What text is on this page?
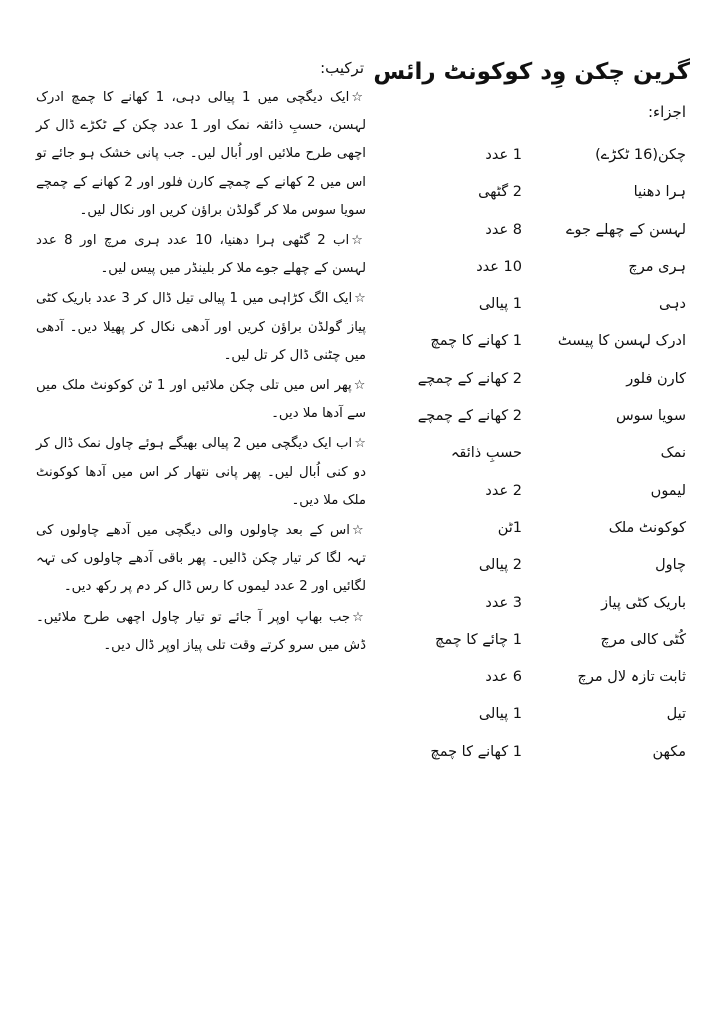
گرین چکن وِد کوکونٹ رائس
اجزاء:
چکن(16 ٹکڑے)
1 عدد
ہرا دھنیا
2 گٹھی
لہسن کے چھلے جوے
8 عدد
ہری مرچ
10 عدد
دہی
1 پیالی
ادرک لہسن کا پیسٹ
1 کھانے کا چمچ
کارن فلور
2 کھانے کے چمچے
سویا سوس
2 کھانے کے چمچے
نمک
حسبِ ذائقہ
لیموں
2 عدد
کوکونٹ ملک
1ٹن
چاول
2 پیالی
باریک کٹی پیاز
3 عدد
کُٹی کالی مرچ
1 چائے کا چمچ
ثابت تازہ لال مرچ
6 عدد
تیل
1 پیالی
مکھن
1 کھانے کا چمچ
ترکیب:
☆ایک دیگچی میں 1 پیالی دہی، 1 کھانے کا چمچ ادرک لہسن، حسبِ ذائقہ نمک اور 1 عدد چکن کے ٹکڑے ڈال کر اچھی طرح ملائیں اور اُبال لیں۔ جب پانی خشک ہو جائے تو اس میں 2 کھانے کے چمچے کارن فلور اور 2 کھانے کے چمچے سویا سوس ملا کر گولڈن براؤن کریں اور نکال لیں۔
☆اب 2 گٹھی ہرا دھنیا، 10 عدد ہری مرچ اور 8 عدد لہسن کے چھلے جوے ملا کر بلینڈر میں پیس لیں۔
☆ایک الگ کڑاہی میں 1 پیالی تیل ڈال کر 3 عدد باریک کٹی پیاز گولڈن براؤن کریں اور آدھی نکال کر پھیلا دیں۔ آدھی میں چٹنی ڈال کر تل لیں۔
☆پھر اس میں تلی چکن ملائیں اور 1 ٹن کوکونٹ ملک میں سے آدھا ملا دیں۔
☆اب ایک دیگچی میں 2 پیالی بھیگے ہوئے چاول نمک ڈال کر دو کنی اُبال لیں۔ پھر پانی نتھار کر اس میں آدھا کوکونٹ ملک ملا دیں۔
☆اس کے بعد چاولوں والی دیگچی میں آدھے چاولوں کی تہہ لگا کر تیار چکن ڈالیں۔ پھر باقی آدھے چاولوں کی تہہ لگائیں اور 2 عدد لیموں کا رس ڈال کر دم پر رکھ دیں۔
☆جب بھاپ اوپر آ جائے تو تیار چاول اچھی طرح ملائیں۔ ڈش میں سرو کرتے وقت تلی پیاز اوپر ڈال دیں۔
